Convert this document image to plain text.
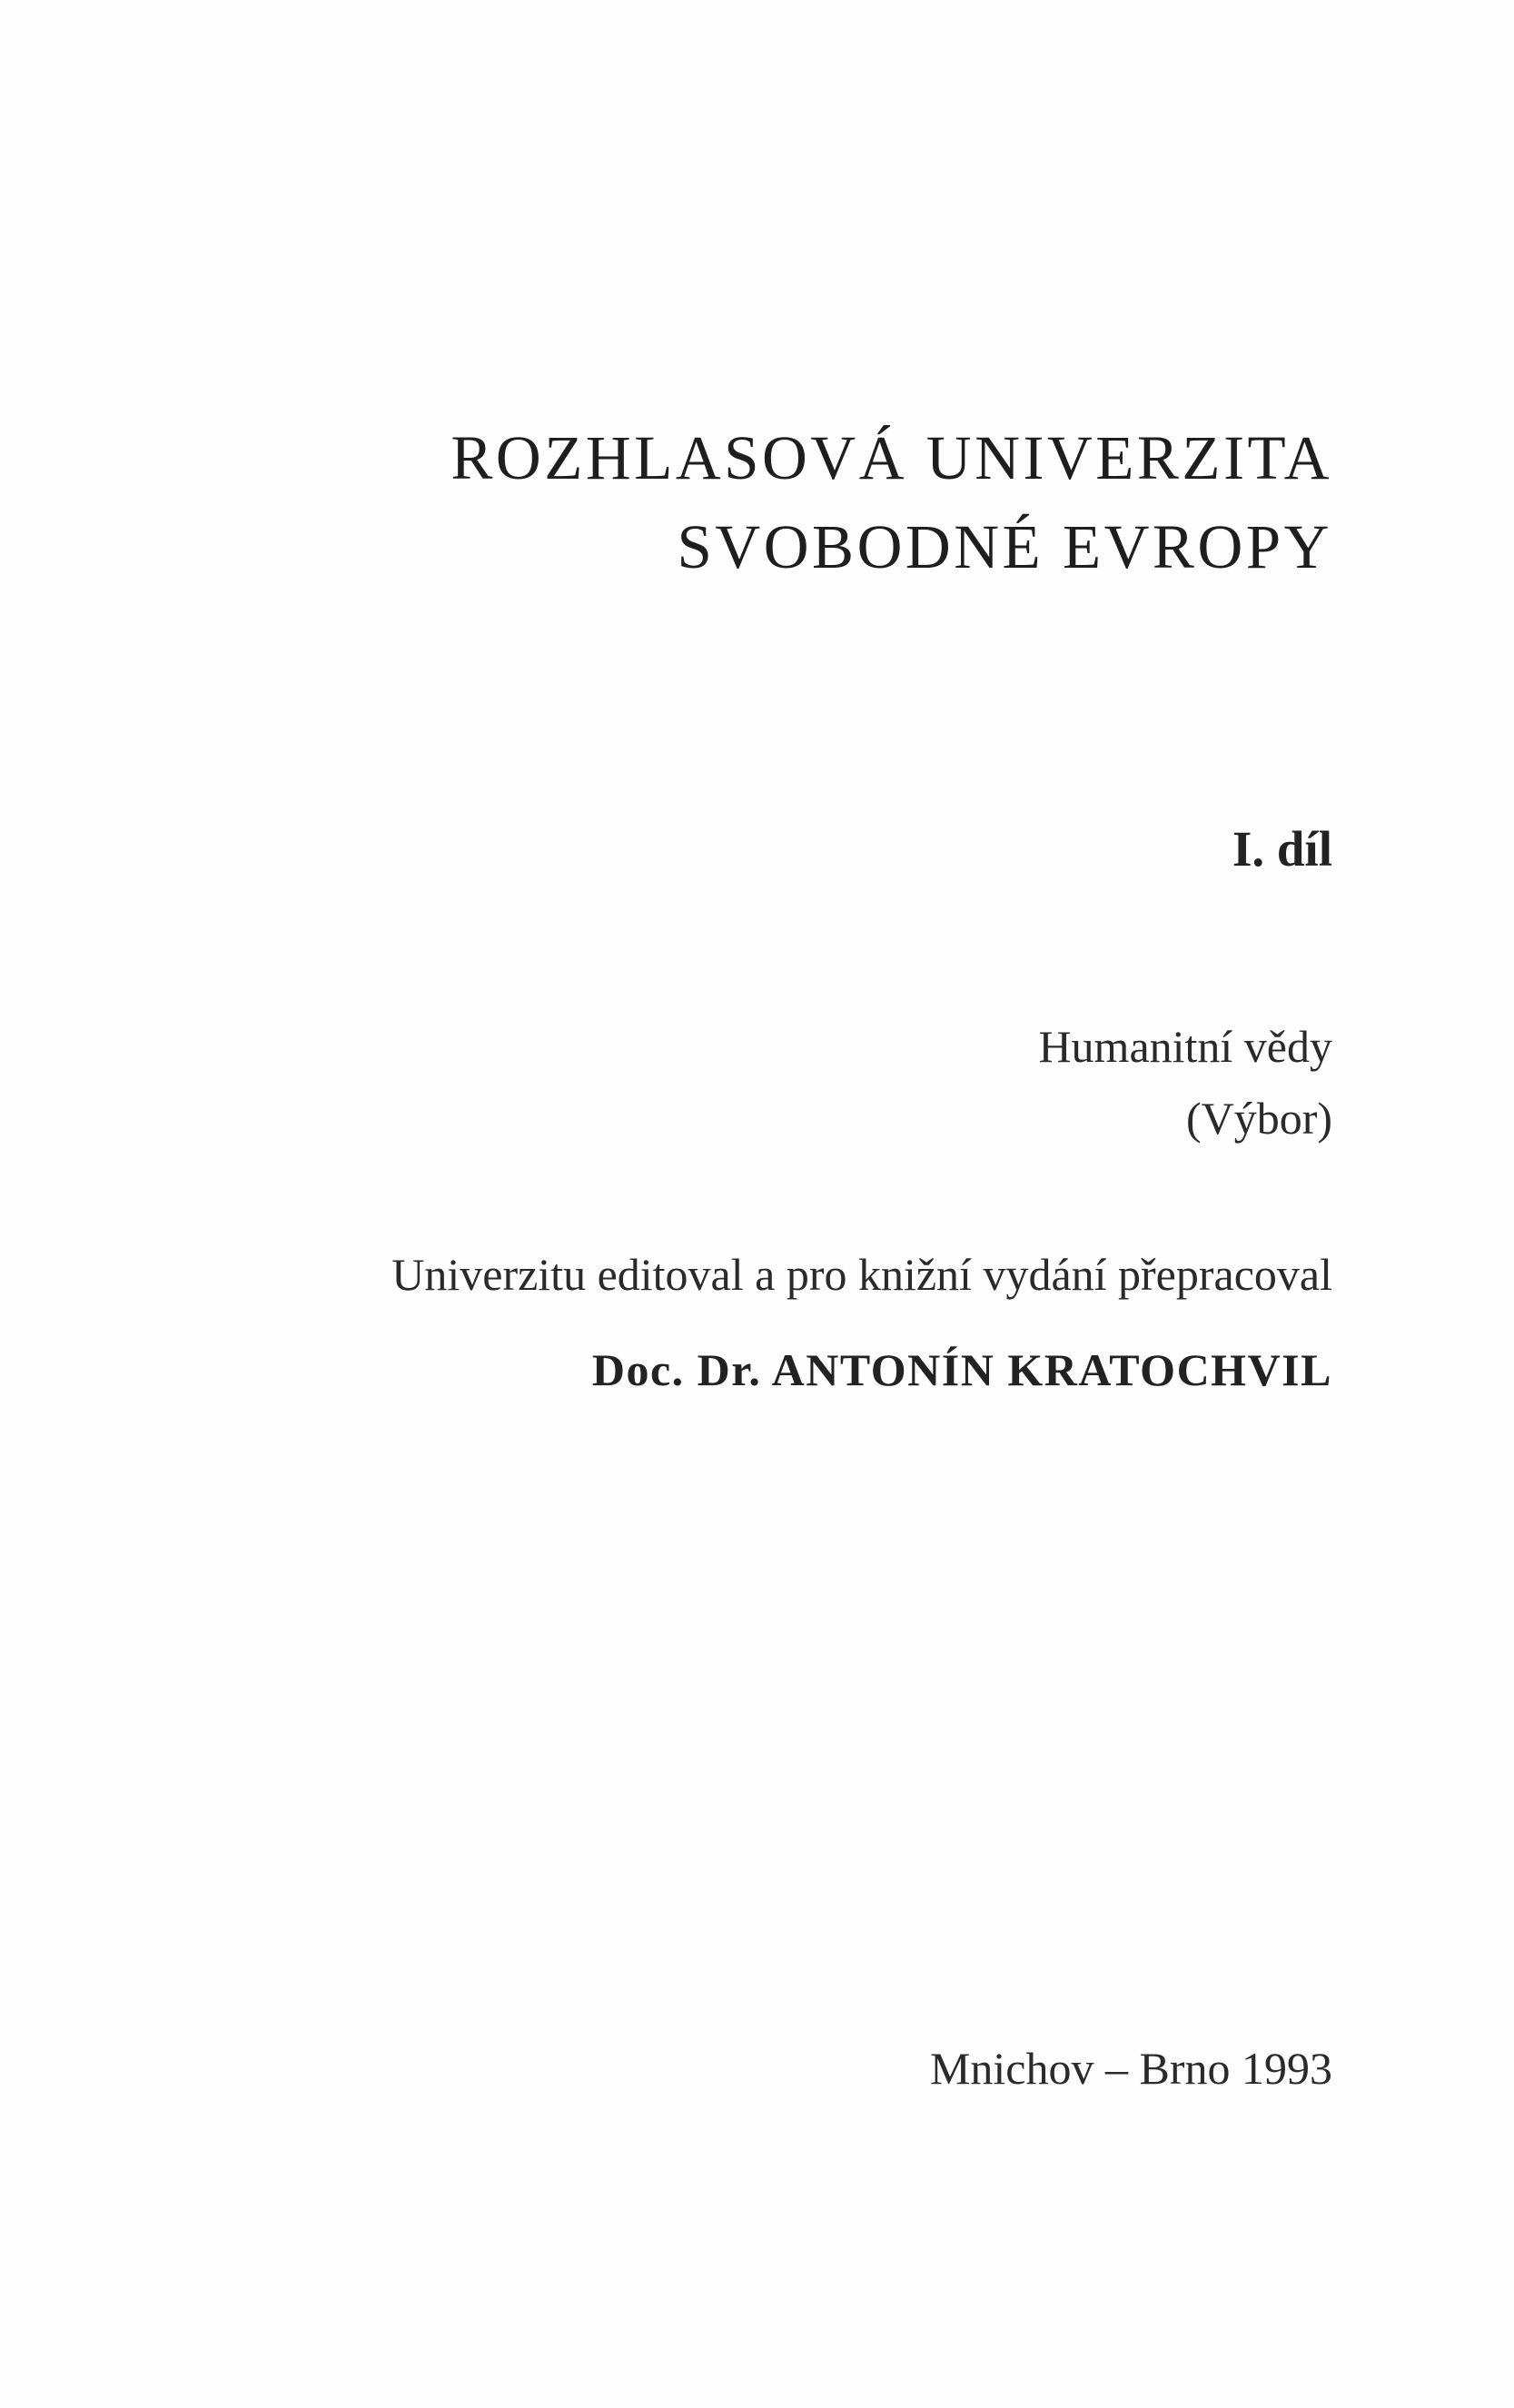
ROZHLASOVÁ UNIVERZITA
SVOBODNÉ EVROPY
I. díl
Humanitní vědy
(Výbor)
Univerzitu editoval a pro knižní vydání přepracoval
Doc. Dr. ANTONÍN KRATOCHVIL
Mnichov – Brno 1993
